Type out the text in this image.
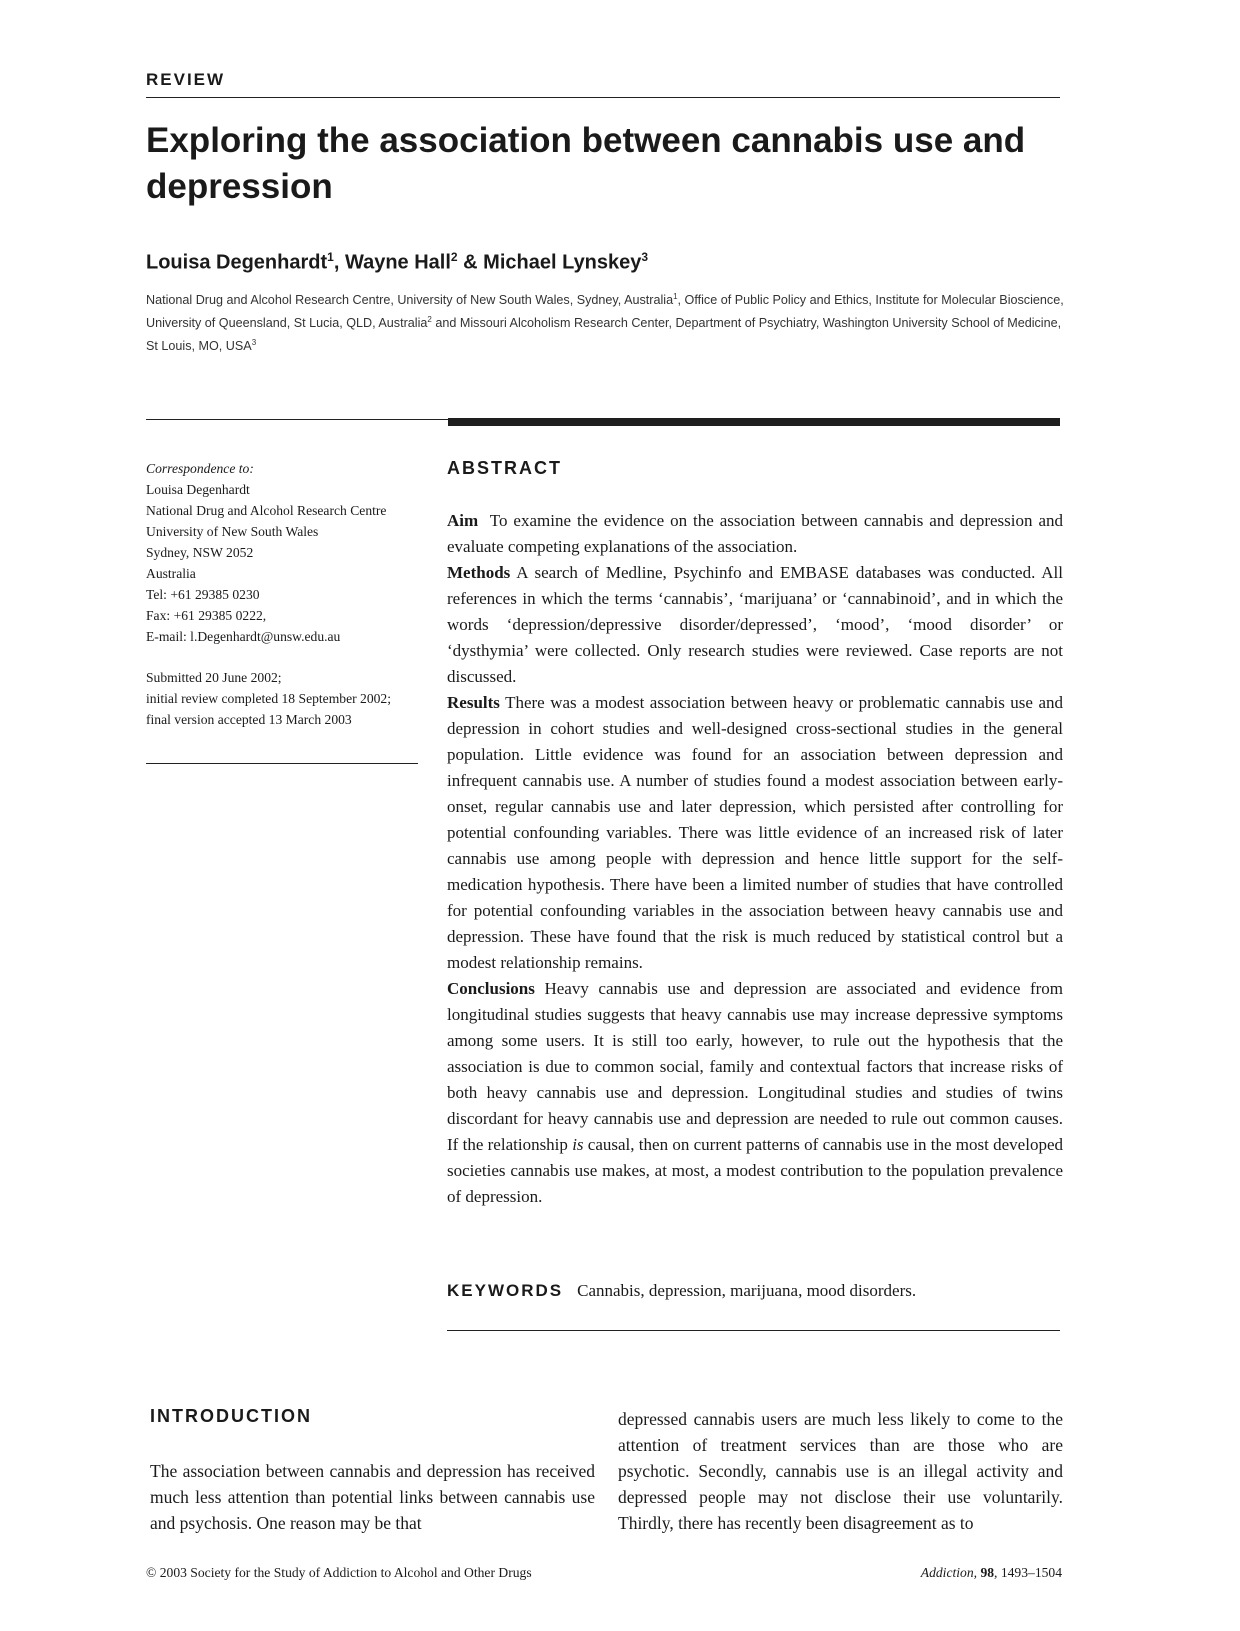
REVIEW
Exploring the association between cannabis use and depression
Louisa Degenhardt$^1$, Wayne Hall$^2$ & Michael Lynskey$^3$
National Drug and Alcohol Research Centre, University of New South Wales, Sydney, Australia$^1$, Office of Public Policy and Ethics, Institute for Molecular Bioscience, University of Queensland, St Lucia, QLD, Australia$^2$ and Missouri Alcoholism Research Center, Department of Psychiatry, Washington University School of Medicine, St Louis, MO, USA$^3$
Correspondence to:
Louisa Degenhardt
National Drug and Alcohol Research Centre
University of New South Wales
Sydney, NSW 2052
Australia
Tel: +61 29385 0230
Fax: +61 29385 0222,
E-mail: l.Degenhardt@unsw.edu.au
Submitted 20 June 2002;
initial review completed 18 September 2002;
final version accepted 13 March 2003
ABSTRACT

Aim To examine the evidence on the association between cannabis and depression and evaluate competing explanations of the association.

Methods A search of Medline, Psychinfo and EMBASE databases was conducted. All references in which the terms ‘cannabis’, ‘marijuana’ or ‘cannabinoid’, and in which the words ‘depression/depressive disorder/depressed’, ‘mood’, ‘mood disorder’ or ‘dysthymia’ were collected. Only research studies were reviewed. Case reports are not discussed.

Results There was a modest association between heavy or problematic cannabis use and depression in cohort studies and well-designed cross-sectional studies in the general population. Little evidence was found for an association between depression and infrequent cannabis use. A number of studies found a modest association between early-onset, regular cannabis use and later depression, which persisted after controlling for potential confounding variables. There was little evidence of an increased risk of later cannabis use among people with depression and hence little support for the self-medication hypothesis. There have been a limited number of studies that have controlled for potential confounding variables in the association between heavy cannabis use and depression. These have found that the risk is much reduced by statistical control but a modest relationship remains.

Conclusions Heavy cannabis use and depression are associated and evidence from longitudinal studies suggests that heavy cannabis use may increase depressive symptoms among some users. It is still too early, however, to rule out the hypothesis that the association is due to common social, family and contextual factors that increase risks of both heavy cannabis use and depression. Longitudinal studies and studies of twins discordant for heavy cannabis use and depression are needed to rule out common causes. If the relationship is causal, then on current patterns of cannabis use in the most developed societies cannabis use makes, at most, a modest contribution to the population prevalence of depression.

KEYWORDS Cannabis, depression, marijuana, mood disorders.
INTRODUCTION
The association between cannabis and depression has received much less attention than potential links between cannabis use and psychosis. One reason may be that
depressed cannabis users are much less likely to come to the attention of treatment services than are those who are psychotic. Secondly, cannabis use is an illegal activity and depressed people may not disclose their use voluntarily. Thirdly, there has recently been disagreement as to
© 2003 Society for the Study of Addiction to Alcohol and Other Drugs	Addiction, 98, 1493–1504
